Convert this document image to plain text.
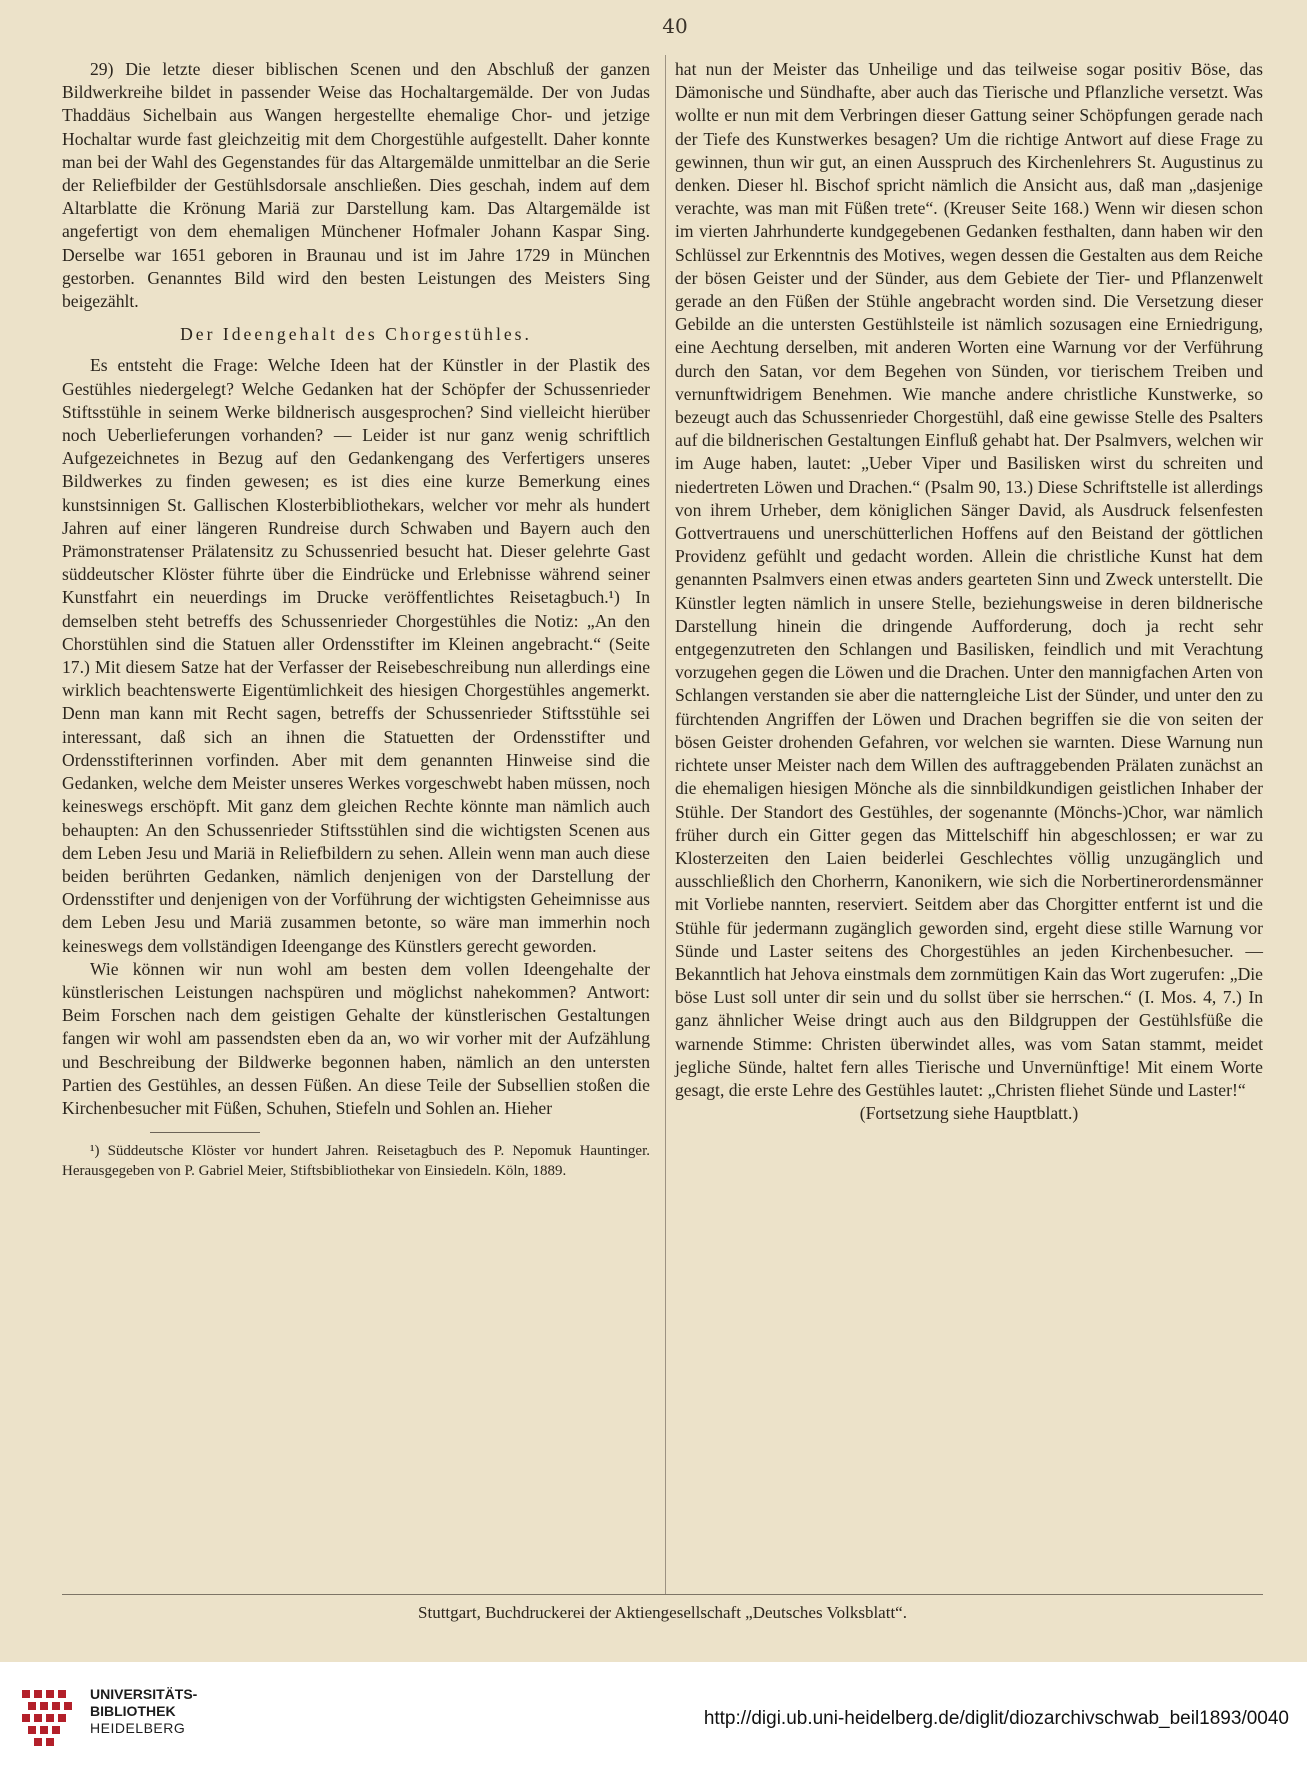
40

29) Die letzte dieser biblischen Scenen und den Abschluß der ganzen Bildwerkreihe bildet in passender Weise das Hochaltargemälde. Der von Judas Thaddäus Sichelbain aus Wangen hergestellte ehemalige Chor- und jetzige Hochaltar wurde fast gleichzeitig mit dem Chorgestühle aufgestellt. Daher konnte man bei der Wahl des Gegenstandes für das Altargemälde unmittelbar an die Serie der Reliefbilder der Gestühlsdorsale anschließen. Dies geschah, indem auf dem Altarblatte die Krönung Mariä zur Darstellung kam. Das Altargemälde ist angefertigt von dem ehemaligen Münchener Hofmaler Johann Kaspar Sing. Derselbe war 1651 geboren in Braunau und ist im Jahre 1729 in München gestorben. Genanntes Bild wird den besten Leistungen des Meisters Sing beigezählt.

Der Ideengehalt des Chorgestühles.

Es entsteht die Frage: Welche Ideen hat der Künstler in der Plastik des Gestühles niedergelegt? Welche Gedanken hat der Schöpfer der Schussenrieder Stiftsstühle in seinem Werke bildnerisch ausgesprochen? Sind vielleicht hierüber noch Ueberlieferungen vorhanden? — Leider ist nur ganz wenig schriftlich Aufgezeichnetes in Bezug auf den Gedankengang des Verfertigers unseres Bildwerkes zu finden gewesen; es ist dies eine kurze Bemerkung eines kunstsinnigen St. Gallischen Klosterbibliothekars, welcher vor mehr als hundert Jahren auf einer längeren Rundreise durch Schwaben und Bayern auch den Prämonstratenser Prälatensitz zu Schussenried besucht hat. Dieser gelehrte Gast süddeutscher Klöster führte über die Eindrücke und Erlebnisse während seiner Kunstfahrt ein neuerdings im Drucke veröffentlichtes Reisetagbuch.¹) In demselben steht betreffs des Schussenrieder Chorgestühles die Notiz: „An den Chorstühlen sind die Statuen aller Ordensstifter im Kleinen angebracht.“ (Seite 17.) Mit diesem Satze hat der Verfasser der Reisebeschreibung nun allerdings eine wirklich beachtenswerte Eigentümlichkeit des hiesigen Chorgestühles angemerkt. Denn man kann mit Recht sagen, betreffs der Schussenrieder Stiftsstühle sei interessant, daß sich an ihnen die Statuetten der Ordensstifter und Ordensstifterinnen vorfinden. Aber mit dem genannten Hinweise sind die Gedanken, welche dem Meister unseres Werkes vorgeschwebt haben müssen, noch keineswegs erschöpft. Mit ganz dem gleichen Rechte könnte man nämlich auch behaupten: An den Schussenrieder Stiftsstühlen sind die wichtigsten Scenen aus dem Leben Jesu und Mariä in Reliefbildern zu sehen. Allein wenn man auch diese beiden berührten Gedanken, nämlich denjenigen von der Darstellung der Ordensstifter und denjenigen von der Vorführung der wichtigsten Geheimnisse aus dem Leben Jesu und Mariä zusammen betonte, so wäre man immerhin noch keineswegs dem vollständigen Ideengange des Künstlers gerecht geworden.

Wie können wir nun wohl am besten dem vollen Ideengehalte der künstlerischen Leistungen nachspüren und möglichst nahekommen? Antwort: Beim Forschen nach dem geistigen Gehalte der künstlerischen Gestaltungen fangen wir wohl am passendsten eben da an, wo wir vorher mit der Aufzählung und Beschreibung der Bildwerke begonnen haben, nämlich an den untersten Partien des Gestühles, an dessen Füßen. An diese Teile der Subsellien stoßen die Kirchenbesucher mit Füßen, Schuhen, Stiefeln und Sohlen an. Hieher

¹) Süddeutsche Klöster vor hundert Jahren. Reisetagbuch des P. Nepomuk Hauntinger. Herausgegeben von P. Gabriel Meier, Stiftsbibliothekar von Einsiedeln. Köln, 1889.

hat nun der Meister das Unheilige und das teilweise sogar positiv Böse, das Dämonische und Sündhafte, aber auch das Tierische und Pflanzliche versetzt. Was wollte er nun mit dem Verbringen dieser Gattung seiner Schöpfungen gerade nach der Tiefe des Kunstwerkes besagen? Um die richtige Antwort auf diese Frage zu gewinnen, thun wir gut, an einen Ausspruch des Kirchenlehrers St. Augustinus zu denken. Dieser hl. Bischof spricht nämlich die Ansicht aus, daß man „dasjenige verachte, was man mit Füßen trete“. (Kreuser Seite 168.) Wenn wir diesen schon im vierten Jahrhunderte kundgegebenen Gedanken festhalten, dann haben wir den Schlüssel zur Erkenntnis des Motives, wegen dessen die Gestalten aus dem Reiche der bösen Geister und der Sünder, aus dem Gebiete der Tier- und Pflanzenwelt gerade an den Füßen der Stühle angebracht worden sind. Die Versetzung dieser Gebilde an die untersten Gestühlsteile ist nämlich sozusagen eine Erniedrigung, eine Aechtung derselben, mit anderen Worten eine Warnung vor der Verführung durch den Satan, vor dem Begehen von Sünden, vor tierischem Treiben und vernunftwidrigem Benehmen. Wie manche andere christliche Kunstwerke, so bezeugt auch das Schussenrieder Chorgestühl, daß eine gewisse Stelle des Psalters auf die bildnerischen Gestaltungen Einfluß gehabt hat. Der Psalmvers, welchen wir im Auge haben, lautet: „Ueber Viper und Basilisken wirst du schreiten und niedertreten Löwen und Drachen.“ (Psalm 90, 13.) Diese Schriftstelle ist allerdings von ihrem Urheber, dem königlichen Sänger David, als Ausdruck felsenfesten Gottvertrauens und unerschütterlichen Hoffens auf den Beistand der göttlichen Providenz gefühlt und gedacht worden. Allein die christliche Kunst hat dem genannten Psalmvers einen etwas anders gearteten Sinn und Zweck unterstellt. Die Künstler legten nämlich in unsere Stelle, beziehungsweise in deren bildnerische Darstellung hinein die dringende Aufforderung, doch ja recht sehr entgegenzutreten den Schlangen und Basilisken, feindlich und mit Verachtung vorzugehen gegen die Löwen und die Drachen. Unter den mannigfachen Arten von Schlangen verstanden sie aber die natterngleiche List der Sünder, und unter den zu fürchtenden Angriffen der Löwen und Drachen begriffen sie die von seiten der bösen Geister drohenden Gefahren, vor welchen sie warnten. Diese Warnung nun richtete unser Meister nach dem Willen des auftraggebenden Prälaten zunächst an die ehemaligen hiesigen Mönche als die sinnbildkundigen geistlichen Inhaber der Stühle. Der Standort des Gestühles, der sogenannte (Mönchs-)Chor, war nämlich früher durch ein Gitter gegen das Mittelschiff hin abgeschlossen; er war zu Klosterzeiten den Laien beiderlei Geschlechtes völlig unzugänglich und ausschließlich den Chorherrn, Kanonikern, wie sich die Norbertinerordensmänner mit Vorliebe nannten, reserviert. Seitdem aber das Chorgitter entfernt ist und die Stühle für jedermann zugänglich geworden sind, ergeht diese stille Warnung vor Sünde und Laster seitens des Chorgestühles an jeden Kirchenbesucher. — Bekanntlich hat Jehova einstmals dem zornmütigen Kain das Wort zugerufen: „Die böse Lust soll unter dir sein und du sollst über sie herrschen.“ (I. Mos. 4, 7.) In ganz ähnlicher Weise dringt auch aus den Bildgruppen der Gestühlsfüße die warnende Stimme: Christen überwindet alles, was vom Satan stammt, meidet jegliche Sünde, haltet fern alles Tierische und Unvernünftige! Mit einem Worte gesagt, die erste Lehre des Gestühles lautet: „Christen fliehet Sünde und Laster!“

(Fortsetzung siehe Hauptblatt.)

Stuttgart, Buchdruckerei der Aktiengesellschaft „Deutsches Volksblatt“.
UNIVERSITÄTS-
BIBLIOTHEK
HEIDELBERG	http://digi.ub.uni-heidelberg.de/diglit/diozarchivschwab_beil1893/0040
